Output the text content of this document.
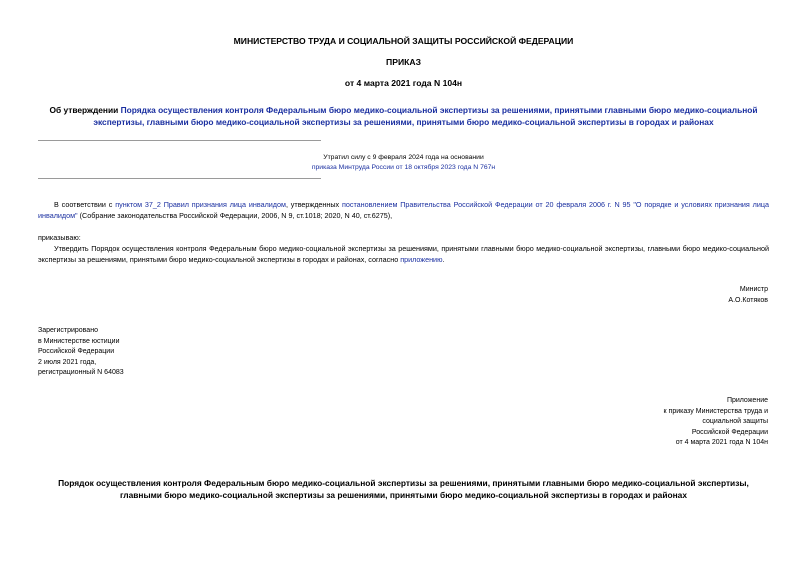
МИНИСТЕРСТВО ТРУДА И СОЦИАЛЬНОЙ ЗАЩИТЫ РОССИЙСКОЙ ФЕДЕРАЦИИ
ПРИКАЗ
от 4 марта 2021 года N 104н
Об утверждении Порядка осуществления контроля Федеральным бюро медико-социальной экспертизы за решениями, принятыми главными бюро медико-социальной экспертизы, главными бюро медико-социальной экспертизы за решениями, принятыми бюро медико-социальной экспертизы в городах и районах
Утратил силу с 9 февраля 2024 года на основании
приказа Минтруда России от 18 октября 2023 года N 767н
В соответствии с пунктом 37_2 Правил признания лица инвалидом, утвержденных постановлением Правительства Российской Федерации от 20 февраля 2006 г. N 95 "О порядке и условиях признания лица инвалидом" (Собрание законодательства Российской Федерации, 2006, N 9, ст.1018; 2020, N 40, ст.6275),
приказываю:
Утвердить Порядок осуществления контроля Федеральным бюро медико-социальной экспертизы за решениями, принятыми главными бюро медико-социальной экспертизы, главными бюро медико-социальной экспертизы за решениями, принятыми бюро медико-социальной экспертизы в городах и районах, согласно приложению.
Министр
А.О.Котяков
Зарегистрировано
в Министерстве юстиции
Российской Федерации
2 июля 2021 года,
регистрационный N 64083
Приложение
к приказу Министерства труда и
социальной защиты
Российской Федерации
от 4 марта 2021 года N 104н
Порядок осуществления контроля Федеральным бюро медико-социальной экспертизы за решениями, принятыми главными бюро медико-социальной экспертизы,
главными бюро медико-социальной экспертизы за решениями, принятыми бюро медико-социальной экспертизы в городах и районах
